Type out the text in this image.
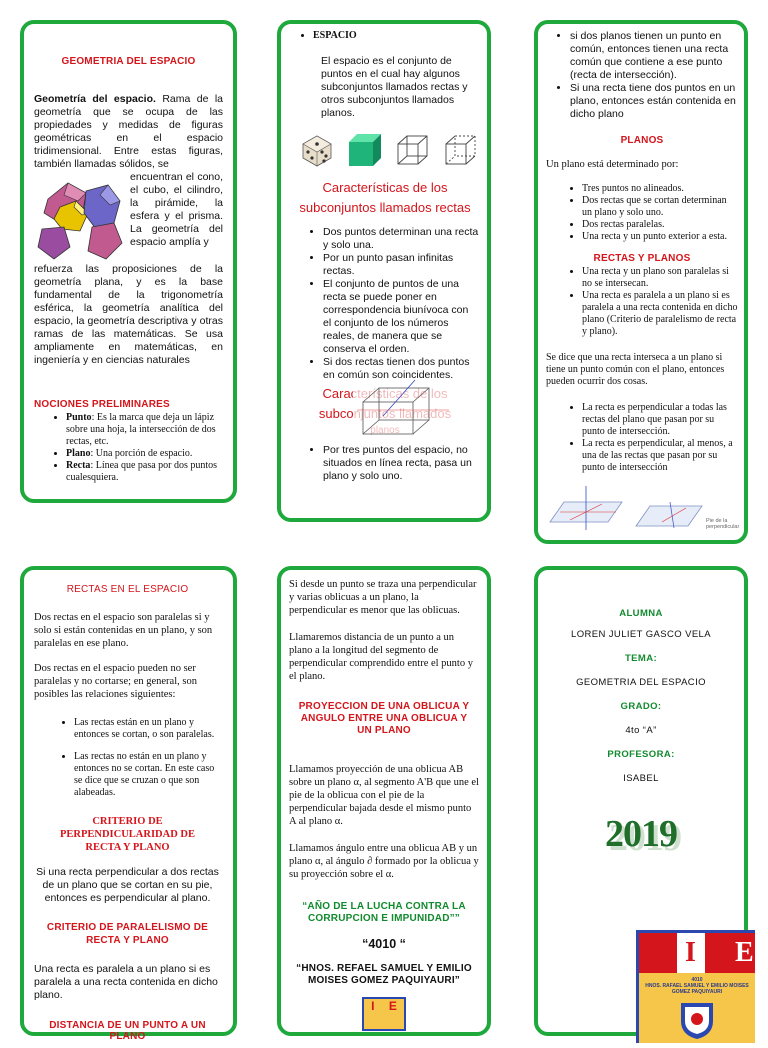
GEOMETRIA DEL ESPACIO

Geometría del espacio. Rama de la geometría que se ocupa de las propiedades y medidas de figuras geométricas en el espacio tridimensional. Entre estas figuras, también llamadas sólidos, se

encuentran el cono, el cubo, el cilindro, la pirámide, la esfera y el prisma. La geometría del espacio amplía y

refuerza las proposiciones de la geometría plana, y es la base fundamental de la trigonometría esférica, la geometría analítica del espacio, la geometría descriptiva y otras ramas de las matemáticas. Se usa ampliamente en matemáticas, en ingeniería y en ciencias naturales

NOCIONES PRELIMINARES
• Punto: Es la marca que deja un lápiz sobre una hoja, la intersección de dos rectas, etc.
• Plano: Una porción de espacio.
• Recta: Línea que pasa por dos puntos cualesquiera.
• ESPACIO

El espacio es el conjunto de puntos en el cual hay algunos subconjuntos llamados rectas y otros subconjuntos llamados planos.

Características de los subconjuntos llamados rectas
• Dos puntos determinan una recta y solo una.
• Por un punto pasan infinitas rectas.
• El conjunto de puntos de una recta se puede poner en correspondencia biunívoca con el conjunto de los números reales, de manera que se conserva el orden.
• Si dos rectas tienen dos puntos en común son coincidentes.
Características de los
subconjuntos llamados
planos
• Por tres puntos del espacio, no situados en línea recta, pasa un plano y solo uno.
• si dos planos tienen un punto en común, entonces tienen una recta común que contiene a ese punto (recta de intersección).
• Si una recta tiene dos puntos en un plano, entonces están contenida en dicho plano
PLANOS

Un plano está determinado por:

• Tres puntos no alineados.
• Dos rectas que se cortan determinan un plano y solo uno.
• Dos rectas paralelas.
• Una recta y un punto exterior a esta.
RECTAS Y PLANOS
• Una recta y un plano son paralelas si no se intersecan.
• Una recta es paralela a un plano si es paralela a una recta contenida en dicho plano (Criterio de paralelismo de recta y plano).

Se dice que una recta interseca a un plano si tiene un punto común con el plano, entonces pueden ocurrir dos cosas.

• La recta es perpendicular a todas las rectas del plano que pasan por su punto de intersección.
• La recta es perpendicular, al menos, a una de las rectas que pasan por su punto de intersección
Pie de la perpendicular
RECTAS EN EL ESPACIO

Dos rectas en el espacio son paralelas si y solo si están contenidas en un plano, y son paralelas en ese plano.

Dos rectas en el espacio pueden no ser paralelas y no cortarse; en general, son posibles las relaciones siguientes:

• Las rectas están en un plano y entonces se cortan, o son paralelas.
• Las rectas no están en un plano y entonces no se cortan. En este caso se dice que se cruzan o que son alabeadas.
CRITERIO DE PERPENDICULARIDAD DE RECTA Y PLANO

Si una recta perpendicular a dos rectas de un plano que se cortan en su pie, entonces es perpendicular al plano.

CRITERIO DE PARALELISMO DE RECTA Y PLANO

Una recta es paralela a un plano si es paralela a una recta contenida en dicho plano.

DISTANCIA DE UN PUNTO A UN PLANO

Si desde un punto se traza una perpendicular y varias oblicuas a un plano, la perpendicular es menor que las oblicuas.

Llamaremos distancia de un punto a un plano a la longitud del segmento de perpendicular comprendido entre el punto y el plano.

PROYECCION DE UNA OBLICUA Y ANGULO ENTRE UNA OBLICUA Y UN PLANO

Llamamos proyección de una oblicua AB sobre un plano α, al segmento A'B que une el pie de la oblicua con el pie de la perpendicular bajada desde el mismo punto A al plano α.

Llamamos ángulo entre una oblicua AB y un plano α, al ángulo ∂ formado por la oblicua y su proyección sobre el α.

“AÑO DE LA LUCHA CONTRA LA CORRUPCION E IMPUNIDAD””
“4010 “
“HNOS. REFAEL SAMUEL Y EMILIO MOISES GOMEZ PAQUIYAURI”
I E
ALUMNA
LOREN JULIET GASCO VELA
TEMA:
GEOMETRIA DEL ESPACIO
GRADO:
4to “A”
PROFESORA:
ISABEL
2019
I E
4010
HNOS. RAFAEL SAMUEL Y EMILIO MOISES
GOMEZ PAQUIYAURI
